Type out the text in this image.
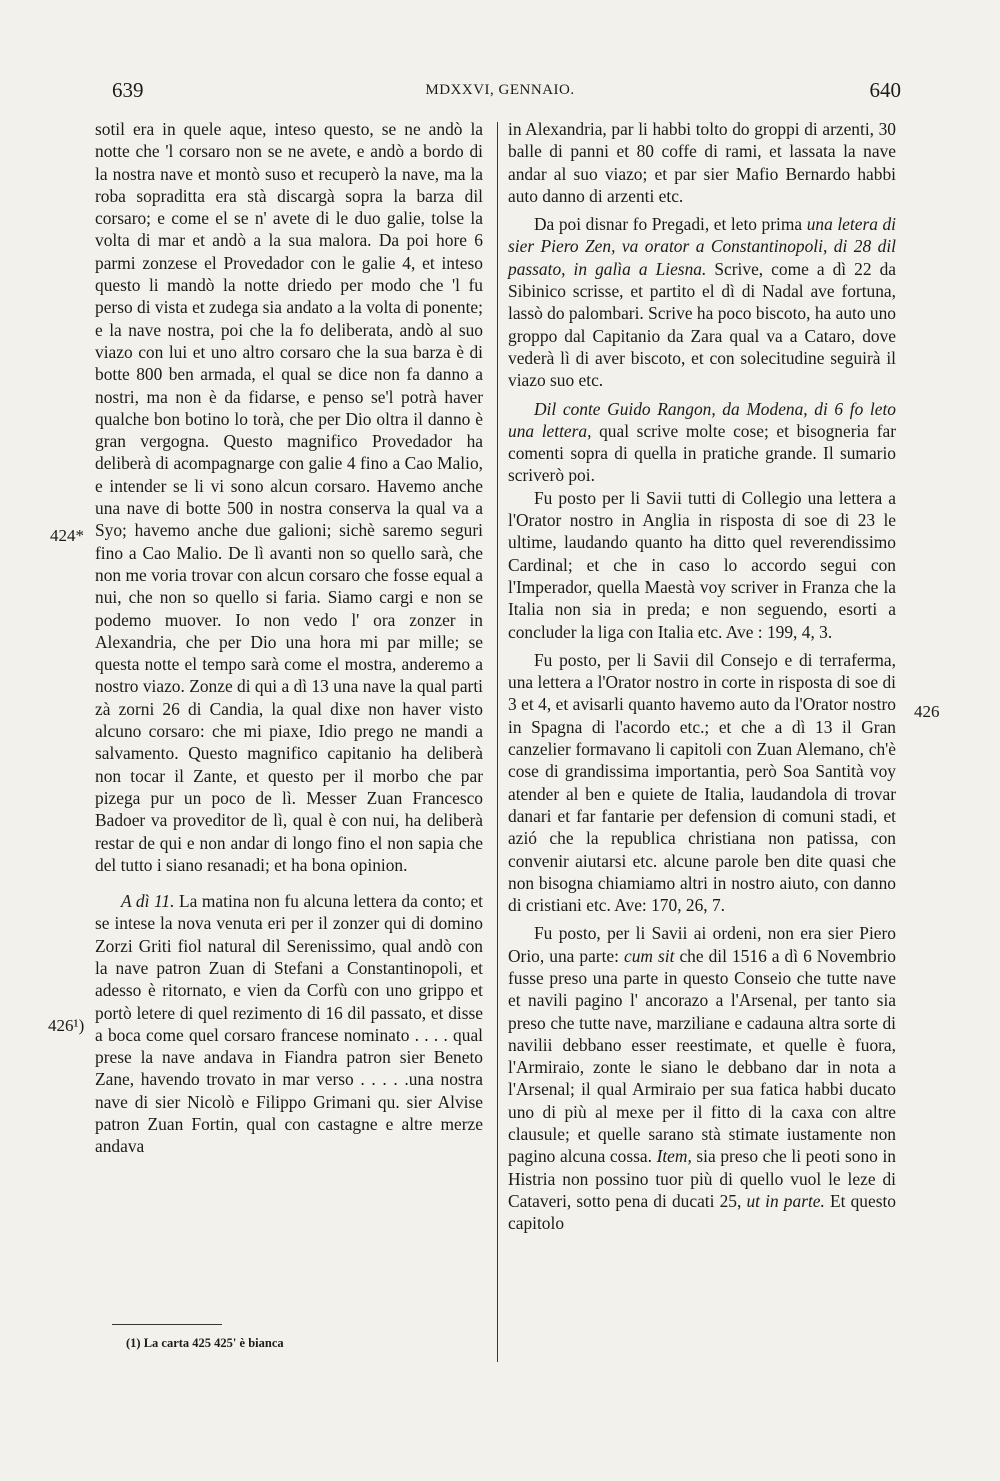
639	MDXXVI, GENNAIO.	640
424*
426¹)
426

sotil era in quele aque, inteso questo, se ne andò la notte che 'l corsaro non se ne avete, e andò a bordo di la nostra nave et montò suso et recuperò la nave, ma la roba sopraditta era stà discargà sopra la barza dil corsaro; e come el se n' avete di le duo galie, tolse la volta di mar et andò a la sua malora. Da poi hore 6 parmi zonzese el Provedador con le galie 4, et inteso questo li mandò la notte driedo per modo che 'l fu perso di vista et zudega sia andato a la volta di ponente; e la nave nostra, poi che la fo deliberata, andò al suo viazo con lui et uno altro corsaro che la sua barza è di botte 800 ben armada, el qual se dice non fa danno a nostri, ma non è da fidarse, e penso se'l potrà haver qualche bon botino lo torà, che per Dio oltra il danno è gran vergogna. Questo magnifico Provedador ha deliberà di acompagnarge con galie 4 fino a Cao Malio, e intender se li vi sono alcun corsaro. Havemo anche una nave di botte 500 in nostra conserva la qual va a Syo; havemo anche due galioni; sichè saremo seguri fino a Cao Malio. De lì avanti non so quello sarà, che non me voria trovar con alcun corsaro che fosse equal a nui, che non so quello si faria. Siamo cargi e non se podemo muover. Io non vedo l' ora zonzer in Alexandria, che per Dio una hora mi par mille; se questa notte el tempo sarà come el mostra, anderemo a nostro viazo. Zonze di qui a dì 13 una nave la qual parti zà zorni 26 di Candia, la qual dixe non haver visto alcuno corsaro: che mi piaxe, Idio prego ne mandi a salvamento. Questo magnifico capitanio ha deliberà non tocar il Zante, et questo per il morbo che par pizega pur un poco de lì. Messer Zuan Francesco Badoer va proveditor de lì, qual è con nui, ha deliberà restar de qui e non andar di longo fino el non sapia che del tutto i siano resanadi; et ha bona opinion.

A dì 11. La matina non fu alcuna lettera da conto; et se intese la nova venuta eri per il zonzer qui di domino Zorzi Griti fiol natural dil Serenissimo, qual andò con la nave patron Zuan di Stefani a Constantinopoli, et adesso è ritornato, e vien da Corfù con uno grippo et portò letere di quel rezimento di 16 dil passato, et disse a boca come quel corsaro francese nominato . . . . qual prese la nave andava in Fiandra patron sier Beneto Zane, havendo trovato in mar verso . . . . .una nostra nave di sier Nicolò e Filippo Grimani qu. sier Alvise patron Zuan Fortin, qual con castagne e altre merze andava

(1) La carta 425 425' è bianca

in Alexandria, par li habbi tolto do groppi di arzenti, 30 balle di panni et 80 coffe di rami, et lassata la nave andar al suo viazo; et par sier Mafio Bernardo habbi auto danno di arzenti etc.

Da poi disnar fo Pregadi, et leto prima una letera di sier Piero Zen, va orator a Constantinopoli, di 28 dil passato, in galìa a Liesna. Scrive, come a dì 22 da Sibinico scrisse, et partito el dì di Nadal ave fortuna, lassò do palombari. Scrive ha poco biscoto, ha auto uno groppo dal Capitanio da Zara qual va a Cataro, dove vederà lì di aver biscoto, et con solecitudine seguirà il viazo suo etc.

Dil conte Guido Rangon, da Modena, di 6 fo leto una lettera, qual scrive molte cose; et bisogneria far comenti sopra di quella in pratiche grande. Il sumario scriverò poi.

Fu posto per li Savii tutti di Collegio una lettera a l'Orator nostro in Anglia in risposta di soe di 23 le ultime, laudando quanto ha ditto quel reverendissimo Cardinal; et che in caso lo accordo segui con l'Imperador, quella Maestà voy scriver in Franza che la Italia non sia in preda; e non seguendo, esorti a concluder la liga con Italia etc. Ave : 199, 4, 3.

Fu posto, per li Savii dil Consejo e di terraferma, una lettera a l'Orator nostro in corte in risposta di soe di 3 et 4, et avisarli quanto havemo auto da l'Orator nostro in Spagna di l'acordo etc.; et che a dì 13 il Gran canzelier formavano li capitoli con Zuan Alemano, ch'è cose di grandissima importantia, però Soa Santità voy atender al ben e quiete de Italia, laudandola di trovar danari et far fantarie per defension di comuni stadi, et azió che la republica christiana non patissa, con convenir aiutarsi etc. alcune parole ben dite quasi che non bisogna chiamiamo altri in nostro aiuto, con danno di cristiani etc. Ave: 170, 26, 7.

Fu posto, per li Savii ai ordeni, non era sier Piero Orio, una parte: cum sit che dil 1516 a dì 6 Novembrio fusse preso una parte in questo Conseio che tutte nave et navili pagino l' ancorazo a l'Arsenal, per tanto sia preso che tutte nave, marziliane e cadauna altra sorte di navilii debbano esser reestimate, et quelle è fuora, l'Armiraio, zonte le siano le debbano dar in nota a l'Arsenal; il qual Armiraio per sua fatica habbi ducato uno di più al mexe per il fitto di la caxa con altre clausule; et quelle sarano stà stimate iustamente non pagino alcuna cossa. Item, sia preso che li peoti sono in Histria non possino tuor più di quello vuol le leze di Cataveri, sotto pena di ducati 25, ut in parte. Et questo capitolo
